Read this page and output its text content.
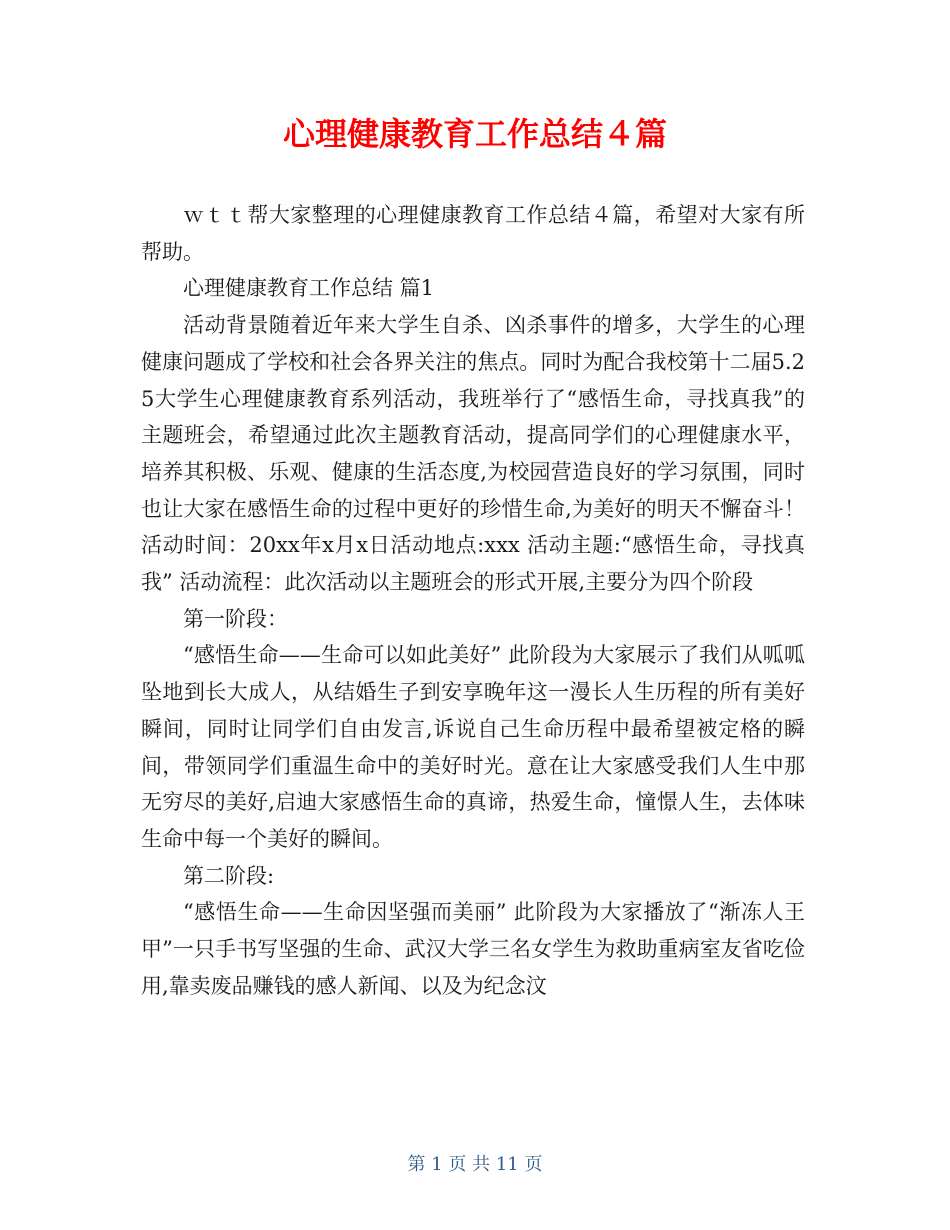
心理健康教育工作总结４篇

ｗｔｔ帮大家整理的心理健康教育工作总结４篇，希望对大家有所帮助。

心理健康教育工作总结 篇1

活动背景随着近年来大学生自杀、凶杀事件的增多，大学生的心理健康问题成了学校和社会各界关注的焦点。同时为配合我校第十二届5.25大学生心理健康教育系列活动，我班举行了“感悟生命，寻找真我”的主题班会，希望通过此次主题教育活动，提高同学们的心理健康水平，培养其积极、乐观、健康的生活态度,为校园营造良好的学习氛围，同时也让大家在感悟生命的过程中更好的珍惜生命,为美好的明天不懈奋斗！活动时间：20xx年x月x日活动地点:xxx 活动主题:“感悟生命，寻找真我” 活动流程：此次活动以主题班会的形式开展,主要分为四个阶段

第一阶段：

“感悟生命——生命可以如此美好” 此阶段为大家展示了我们从呱呱坠地到长大成人，从结婚生子到安享晚年这一漫长人生历程的所有美好瞬间，同时让同学们自由发言,诉说自己生命历程中最希望被定格的瞬间，带领同学们重温生命中的美好时光。意在让大家感受我们人生中那无穷尽的美好,启迪大家感悟生命的真谛，热爱生命，憧憬人生，去体味生命中每一个美好的瞬间。

第二阶段:

“感悟生命——生命因坚强而美丽” 此阶段为大家播放了“渐冻人王甲”一只手书写坚强的生命、武汉大学三名女学生为救助重病室友省吃俭用,靠卖废品赚钱的感人新闻、以及为纪念汶

第 1 页 共 11 页
